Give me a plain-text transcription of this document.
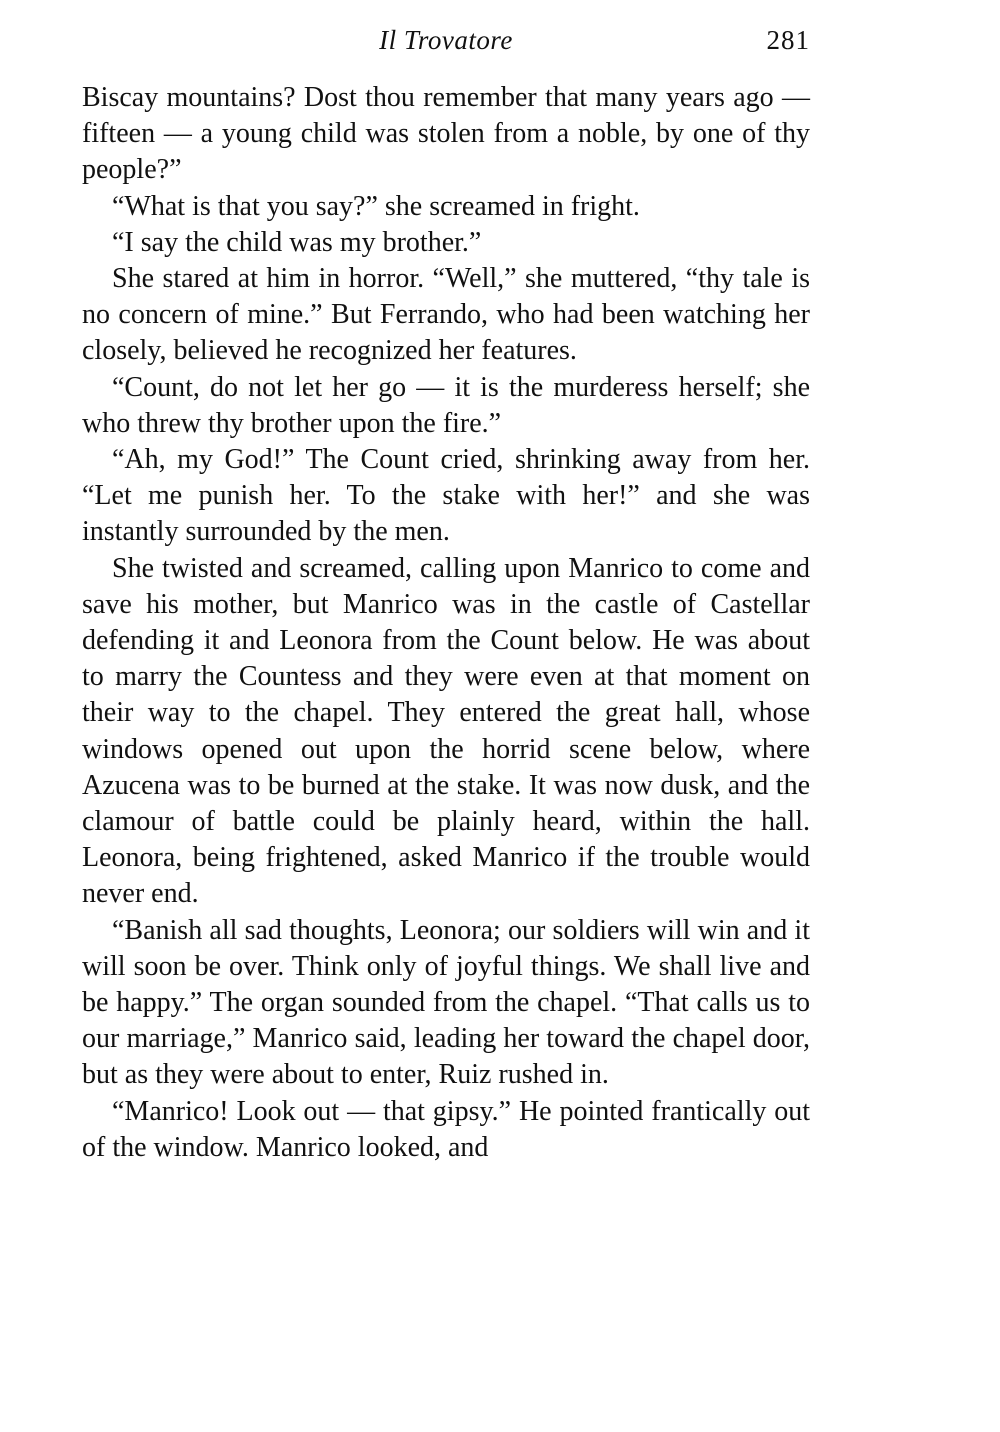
Il Trovatore	281

Biscay mountains? Dost thou remember that many years ago — fifteen — a young child was stolen from a noble, by one of thy people?”

“What is that you say?” she screamed in fright.

“I say the child was my brother.”

She stared at him in horror. “Well,” she muttered, “thy tale is no concern of mine.” But Ferrando, who had been watching her closely, believed he recognized her features.

“Count, do not let her go — it is the murderess herself; she who threw thy brother upon the fire.”

“Ah, my God!” The Count cried, shrinking away from her. “Let me punish her. To the stake with her!” and she was instantly surrounded by the men.

She twisted and screamed, calling upon Manrico to come and save his mother, but Manrico was in the castle of Castellar defending it and Leonora from the Count below. He was about to marry the Countess and they were even at that moment on their way to the chapel. They entered the great hall, whose windows opened out upon the horrid scene below, where Azucena was to be burned at the stake. It was now dusk, and the clamour of battle could be plainly heard, within the hall. Leonora, being frightened, asked Manrico if the trouble would never end.

“Banish all sad thoughts, Leonora; our soldiers will win and it will soon be over. Think only of joyful things. We shall live and be happy.” The organ sounded from the chapel. “That calls us to our marriage,” Manrico said, leading her toward the chapel door, but as they were about to enter, Ruiz rushed in.

“Manrico! Look out — that gipsy.” He pointed frantically out of the window. Manrico looked, and
